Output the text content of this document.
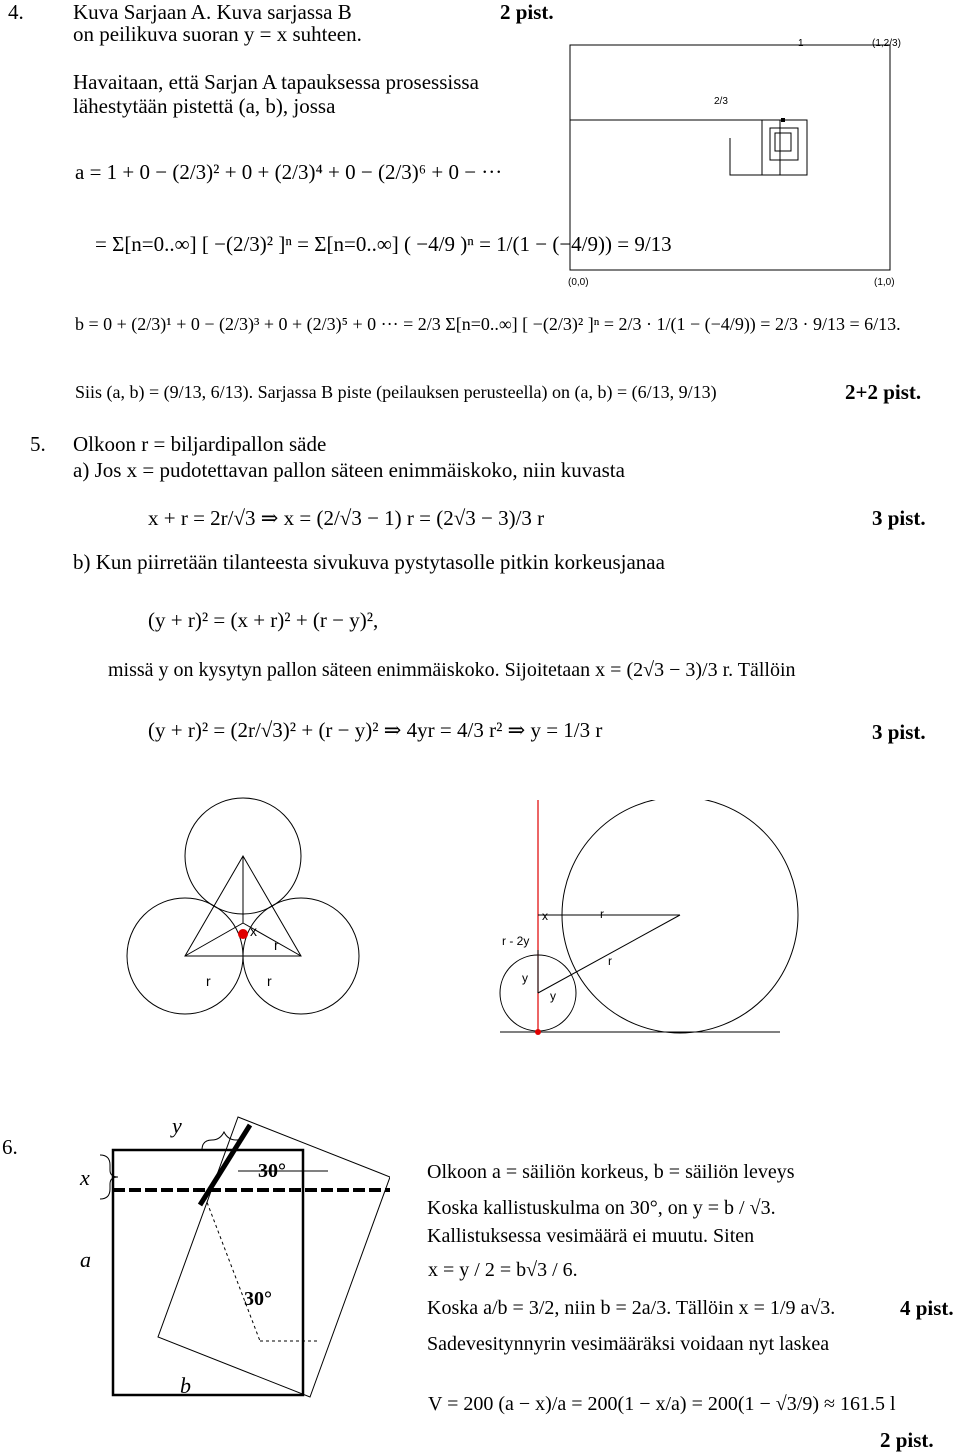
4. Kuva Sarjaan A. Kuva sarjassa B	2 pist.
on peilikuva suoran y = x suhteen.
Havaitaan, että Sarjan A tapauksessa prosessissa
lähestytään pistettä (a, b), jossa
1	(1,2/3)
2/3
(0,0)	(1,0)
a = 1 + 0 − (2/3)² + 0 + (2/3)⁴ + 0 − (2/3)⁶ + 0 − ···
= Σ[n=0..∞] [ −(2/3)² ]ⁿ = Σ[n=0..∞] ( −4/9 )ⁿ = 1/(1 − (−4/9)) = 9/13
b = 0 + (2/3)¹ + 0 − (2/3)³ + 0 + (2/3)⁵ + 0 ··· = 2/3 Σ[n=0..∞] [ −(2/3)² ]ⁿ = 2/3 · 1/(1 − (−4/9)) = 2/3 · 9/13 = 6/13.
Siis (a, b) = (9/13, 6/13). Sarjassa B piste (peilauksen perusteella) on (a, b) = (6/13, 9/13)	2+2 pist.
5. Olkoon r = biljardipallon säde
a) Jos x = pudotettavan pallon säteen enimmäiskoko, niin kuvasta
x + r = 2r/√3 ⇒ x = (2/√3 − 1) r = (2√3 − 3)/3 r	3 pist.
b) Kun piirretään tilanteesta sivukuva pystytasolle pitkin korkeusjanaa
(y + r)² = (x + r)² + (r − y)²,
missä y on kysytyn pallon säteen enimmäiskoko. Sijoitetaan x = (2√3 − 3)/3 r. Tällöin
(y + r)² = (2r/√3)² + (r − y)² ⇒ 4yr = 4/3 r² ⇒ y = 1/3 r	3 pist.
x
r
r	r
x	r
r - 2y
r
y
y
6.
y
x
a
b
30°
30°
Olkoon a = säiliön korkeus, b = säiliön leveys
Koska kallistuskulma on 30°, on y = b / √3.
Kallistuksessa vesimäärä ei muutu. Siten
x = y / 2 = b√3 / 6.
Koska a/b = 3/2, niin b = 2a/3. Tällöin x = 1/9 a√3.	4 pist.
Sadevesitynnyrin vesimääräksi voidaan nyt laskea
V = 200 (a − x)/a = 200(1 − x/a) = 200(1 − √3/9) ≈ 161.5 l
2 pist.
